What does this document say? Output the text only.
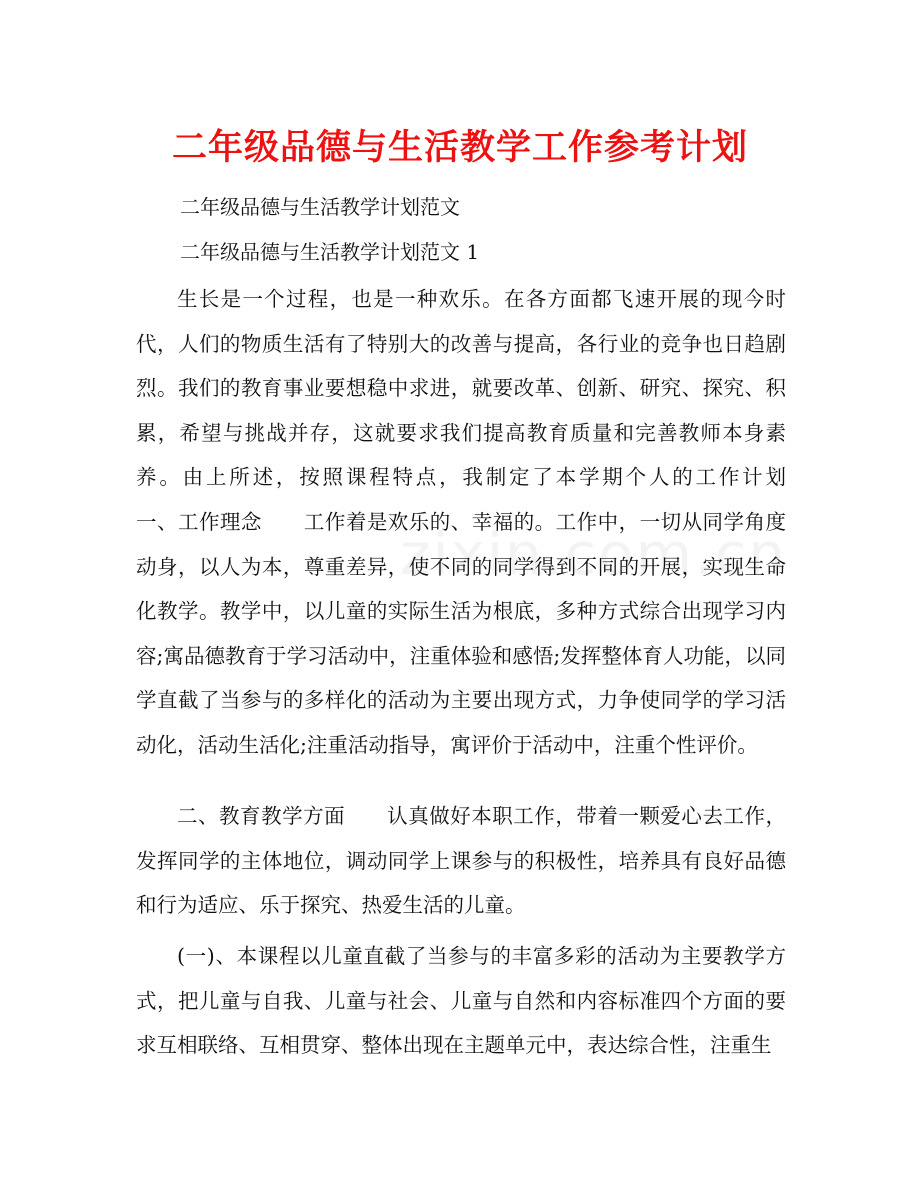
二年级品德与生活教学工作参考计划
二年级品德与生活教学计划范文
二年级品德与生活教学计划范文 1
生长是一个过程，也是一种欢乐。在各方面都飞速开展的现今时代，人们的物质生活有了特别大的改善与提高，各行业的竞争也日趋剧烈。我们的教育事业要想稳中求进，就要改革、创新、研究、探究、积累，希望与挑战并存，这就要求我们提高教育质量和完善教师本身素养。由上所述，按照课程特点，我制定了本学期个人的工作计划　　一、工作理念　　工作着是欢乐的、幸福的。工作中，一切从同学角度动身，以人为本，尊重差异，使不同的同学得到不同的开展，实现生命化教学。教学中，以儿童的实际生活为根底，多种方式综合出现学习内容;寓品德教育于学习活动中，注重体验和感悟;发挥整体育人功能，以同学直截了当参与的多样化的活动为主要出现方式，力争使同学的学习活动化，活动生活化;注重活动指导，寓评价于活动中，注重个性评价。
二、教育教学方面　　认真做好本职工作，带着一颗爱心去工作，发挥同学的主体地位，调动同学上课参与的积极性，培养具有良好品德和行为适应、乐于探究、热爱生活的儿童。
(一)、本课程以儿童直截了当参与的丰富多彩的活动为主要教学方式，把儿童与自我、儿童与社会、儿童与自然和内容标准四个方面的要求互相联络、互相贯穿、整体出现在主题单元中，表达综合性，注重生
